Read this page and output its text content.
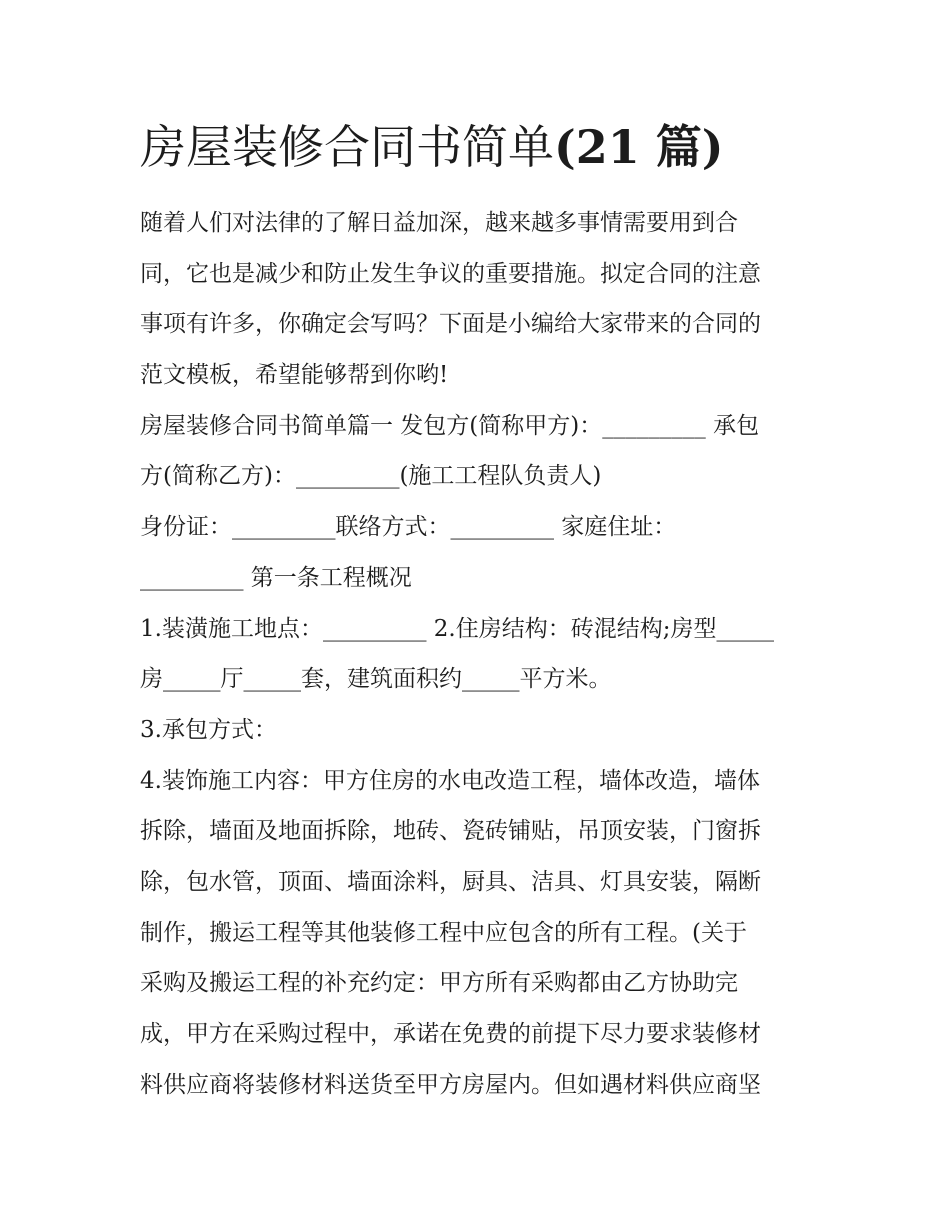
房屋装修合同书简单(21 篇)
随着人们对法律的了解日益加深，越来越多事情需要用到合
同，它也是减少和防止发生争议的重要措施。拟定合同的注意
事项有许多，你确定会写吗？下面是小编给大家带来的合同的
范文模板，希望能够帮到你哟!
房屋装修合同书简单篇一 发包方(简称甲方)：_________ 承包
方(简称乙方)：_________(施工工程队负责人)
身份证：_________联络方式：_________ 家庭住址：
_________ 第一条工程概况
1.装潢施工地点：_________ 2.住房结构：砖混结构;房型_____
房_____厅_____套，建筑面积约_____平方米。
3.承包方式：
4.装饰施工内容：甲方住房的水电改造工程，墙体改造，墙体
拆除，墙面及地面拆除，地砖、瓷砖铺贴，吊顶安装，门窗拆
除，包水管，顶面、墙面涂料，厨具、洁具、灯具安装，隔断
制作，搬运工程等其他装修工程中应包含的所有工程。(关于
采购及搬运工程的补充约定：甲方所有采购都由乙方协助完
成，甲方在采购过程中，承诺在免费的前提下尽力要求装修材
料供应商将装修材料送货至甲方房屋内。但如遇材料供应商坚
